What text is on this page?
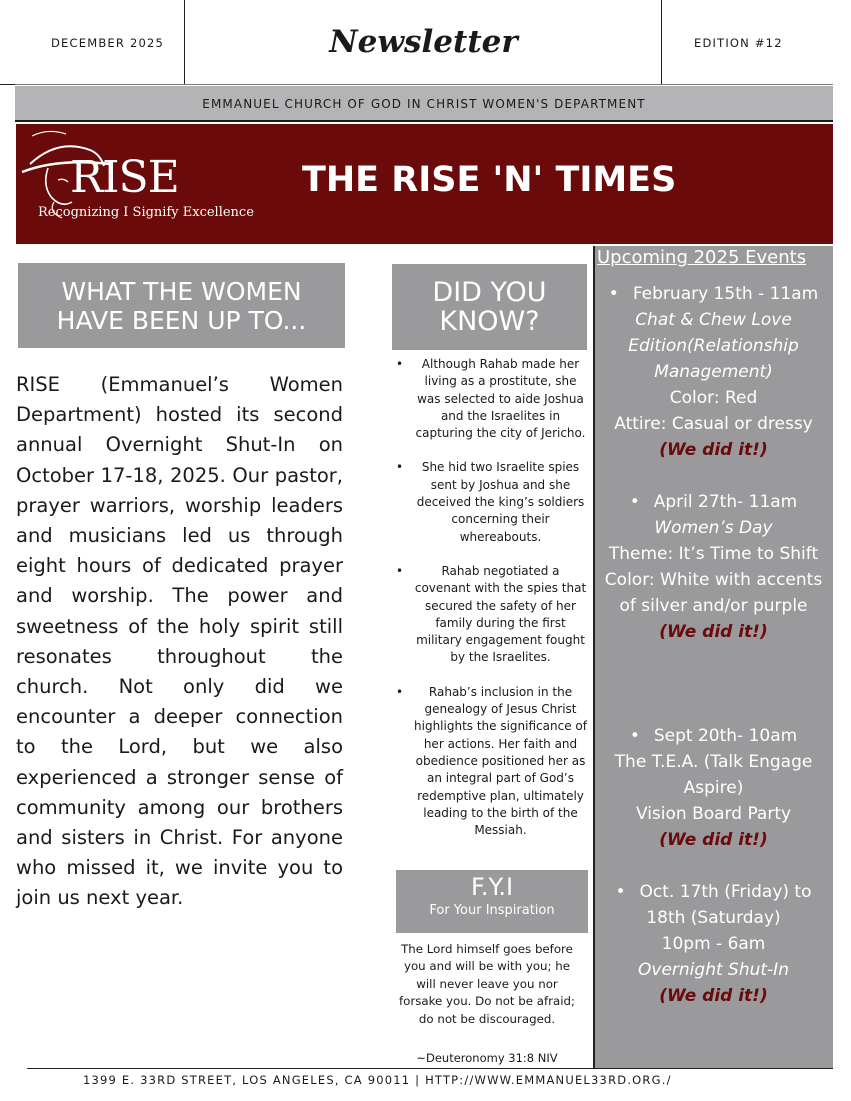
DECEMBER 2025	Newsletter	EDITION #12
EMMANUEL CHURCH OF GOD IN CHRIST WOMEN'S DEPARTMENT
RISE
Recognizing I Signify Excellence
THE RISE 'N' TIMES
WHAT THE WOMEN
HAVE BEEN UP TO...

RISE (Emmanuel’s Women Department) hosted its second annual Overnight Shut-In on October 17-18, 2025. Our pastor, prayer warriors, worship leaders and musicians led us through eight hours of dedicated prayer and worship. The power and sweetness of the holy spirit still resonates throughout the church. Not only did we encounter a deeper connection to the Lord, but we also experienced a stronger sense of community among our brothers and sisters in Christ. For anyone who missed it, we invite you to join us next year.

DID YOU
KNOW?
• Although Rahab made her living as a prostitute, she was selected to aide Joshua and the Israelites in capturing the city of Jericho.
• She hid two Israelite spies sent by Joshua and she deceived the king’s soldiers concerning their whereabouts.
• Rahab negotiated a covenant with the spies that secured the safety of her family during the first military engagement fought by the Israelites.
• Rahab’s inclusion in the genealogy of Jesus Christ highlights the significance of her actions. Her faith and obedience positioned her as an integral part of God’s redemptive plan, ultimately leading to the birth of the Messiah.
F.Y.I
For Your Inspiration

The Lord himself goes before you and will be with you; he will never leave you nor forsake you. Do not be afraid; do not be discouraged.

~Deuteronomy 31:8 NIV

Upcoming 2025 Events
• February 15th - 11am
Chat & Chew Love Edition(Relationship Management)
Color: Red
Attire: Casual or dressy
(We did it!)
• April 27th- 11am
Women’s Day
Theme: It’s Time to Shift
Color: White with accents of silver and/or purple
(We did it!)
• Sept 20th- 10am
The T.E.A. (Talk Engage Aspire)
Vision Board Party
(We did it!)
• Oct. 17th (Friday) to 18th (Saturday)
10pm - 6am
Overnight Shut-In
(We did it!)
1399 E. 33RD STREET, LOS ANGELES, CA 90011 | HTTP://WWW.EMMANUEL33RD.ORG./
